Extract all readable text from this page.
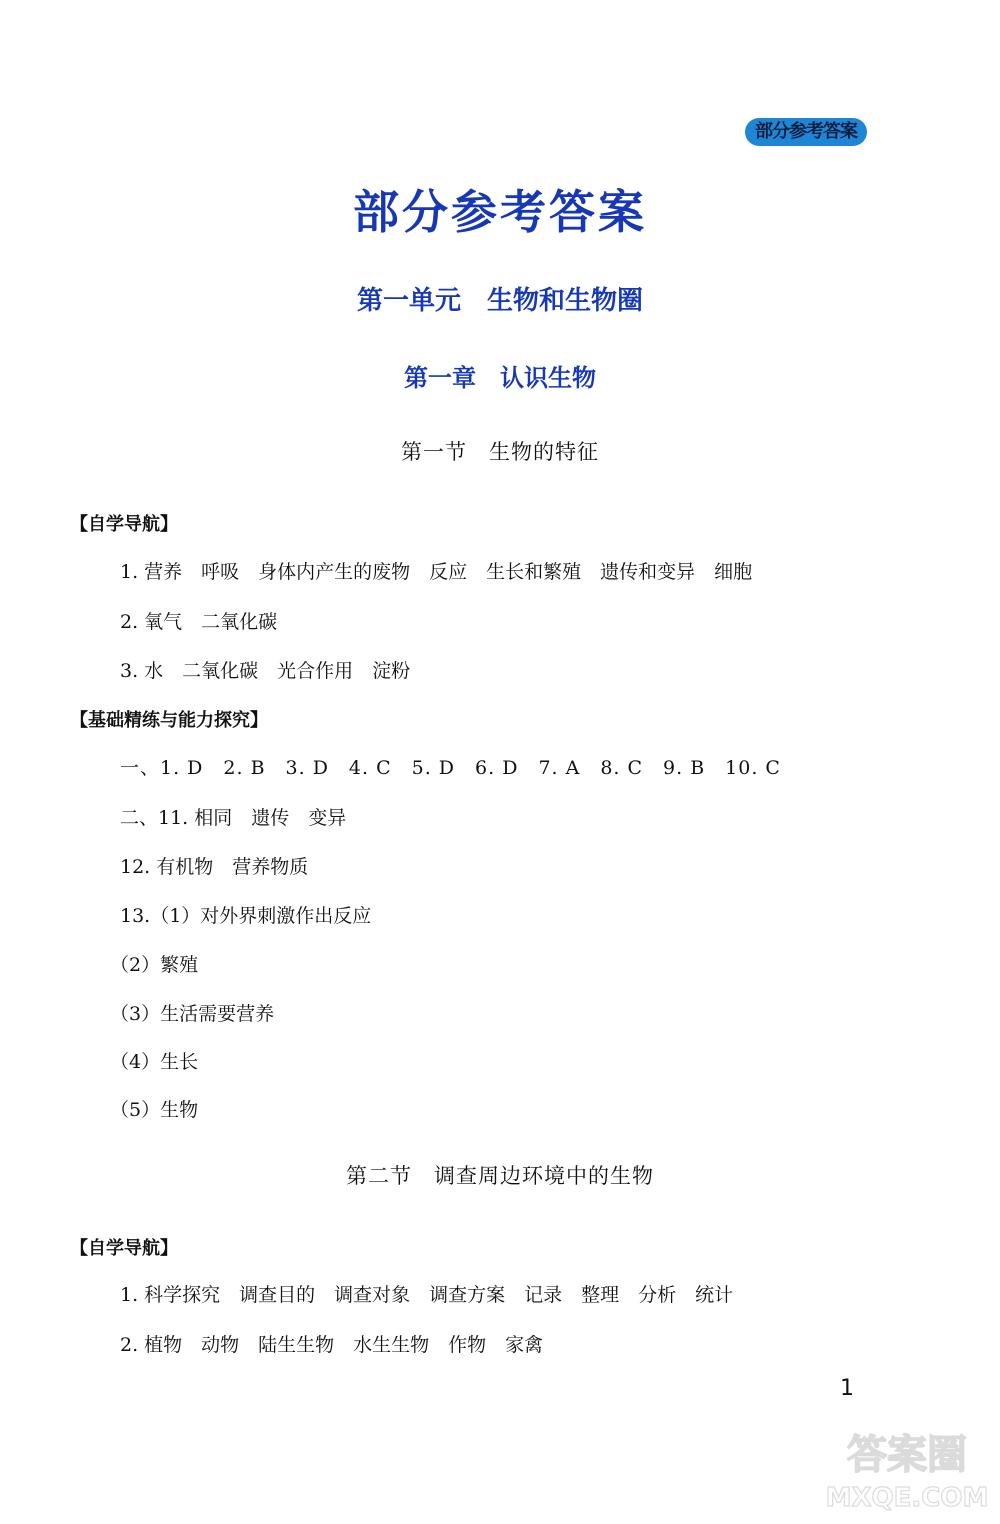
部分参考答案
部分参考答案
第一单元　生物和生物圈
第一章　认识生物
第一节　生物的特征
【自学导航】
1. 营养　呼吸　身体内产生的废物　反应　生长和繁殖　遗传和变异　细胞
2. 氧气　二氧化碳
3. 水　二氧化碳　光合作用　淀粉
【基础精练与能力探究】
一、1. D　2. B　3. D　4. C　5. D　6. D　7. A　8. C　9. B　10. C
二、11. 相同　遗传　变异
12. 有机物　营养物质
13.（1）对外界刺激作出反应
（2）繁殖
（3）生活需要营养
（4）生长
（5）生物
第二节　调查周边环境中的生物
【自学导航】
1. 科学探究　调查目的　调查对象　调查方案　记录　整理　分析　统计
2. 植物　动物　陆生生物　水生生物　作物　家禽
1
答案圈
MXQE.COM
